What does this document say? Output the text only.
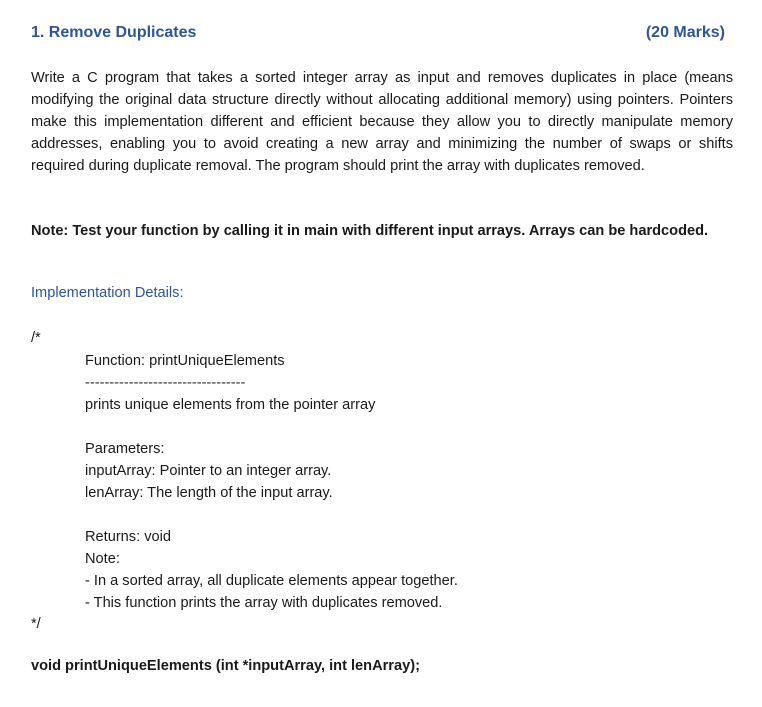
1. Remove Duplicates	(20 Marks)

Write a C program that takes a sorted integer array as input and removes duplicates in place (means modifying the original data structure directly without allocating additional memory) using pointers. Pointers make this implementation different and efficient because they allow you to directly manipulate memory addresses, enabling you to avoid creating a new array and minimizing the number of swaps or shifts required during duplicate removal. The program should print the array with duplicates removed.

Note: Test your function by calling it in main with different input arrays. Arrays can be hardcoded.

Implementation Details:
/*
Function: printUniqueElements
---------------------------------
prints unique elements from the pointer array
Parameters:
inputArray: Pointer to an integer array.
lenArray: The length of the input array.
Returns: void
Note:
- In a sorted array, all duplicate elements appear together.
- This function prints the array with duplicates removed.
*/
void printUniqueElements (int *inputArray, int lenArray);
